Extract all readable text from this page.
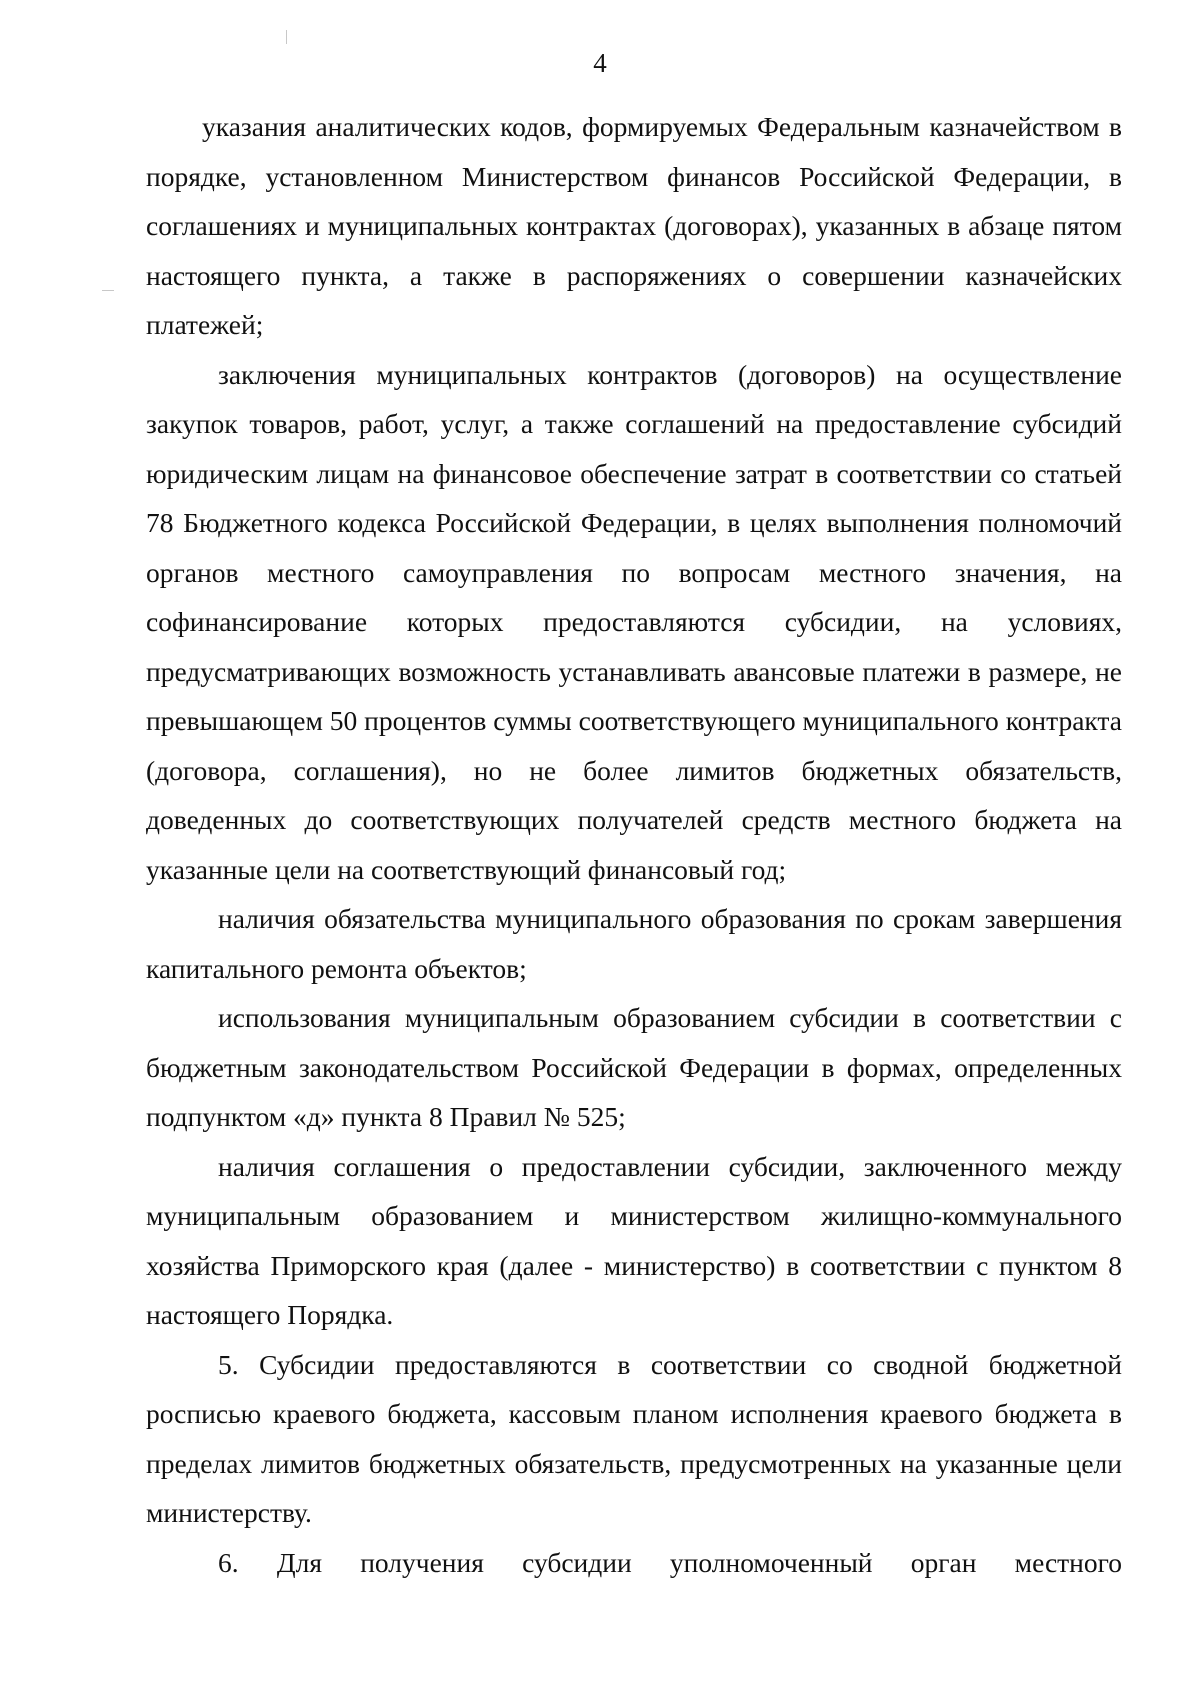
4

указания аналитических кодов, формируемых Федеральным казначейством в порядке, установленном Министерством финансов Российской Федерации, в соглашениях и муниципальных контрактах (договорах), указанных в абзаце пятом настоящего пункта, а также в распоряжениях о совершении казначейских платежей;

заключения муниципальных контрактов (договоров) на осуществление закупок товаров, работ, услуг, а также соглашений на предоставление субсидий юридическим лицам на финансовое обеспечение затрат в соответствии со статьей 78 Бюджетного кодекса Российской Федерации, в целях выполнения полномочий органов местного самоуправления по вопросам местного значения, на софинансирование которых предоставляются субсидии, на условиях, предусматривающих возможность устанавливать авансовые платежи в размере, не превышающем 50 процентов суммы соответствующего муниципального контракта (договора, соглашения), но не более лимитов бюджетных обязательств, доведенных до соответствующих получателей средств местного бюджета на указанные цели на соответствующий финансовый год;

наличия обязательства муниципального образования по срокам завершения капитального ремонта объектов;

использования муниципальным образованием субсидии в соответствии с бюджетным законодательством Российской Федерации в формах, определенных подпунктом «д» пункта 8 Правил № 525;

наличия соглашения о предоставлении субсидии, заключенного между муниципальным образованием и министерством жилищно-коммунального хозяйства Приморского края (далее - министерство) в соответствии с пунктом 8 настоящего Порядка.

5. Субсидии предоставляются в соответствии со сводной бюджетной росписью краевого бюджета, кассовым планом исполнения краевого бюджета в пределах лимитов бюджетных обязательств, предусмотренных на указанные цели министерству.

6. Для получения субсидии уполномоченный орган местного
